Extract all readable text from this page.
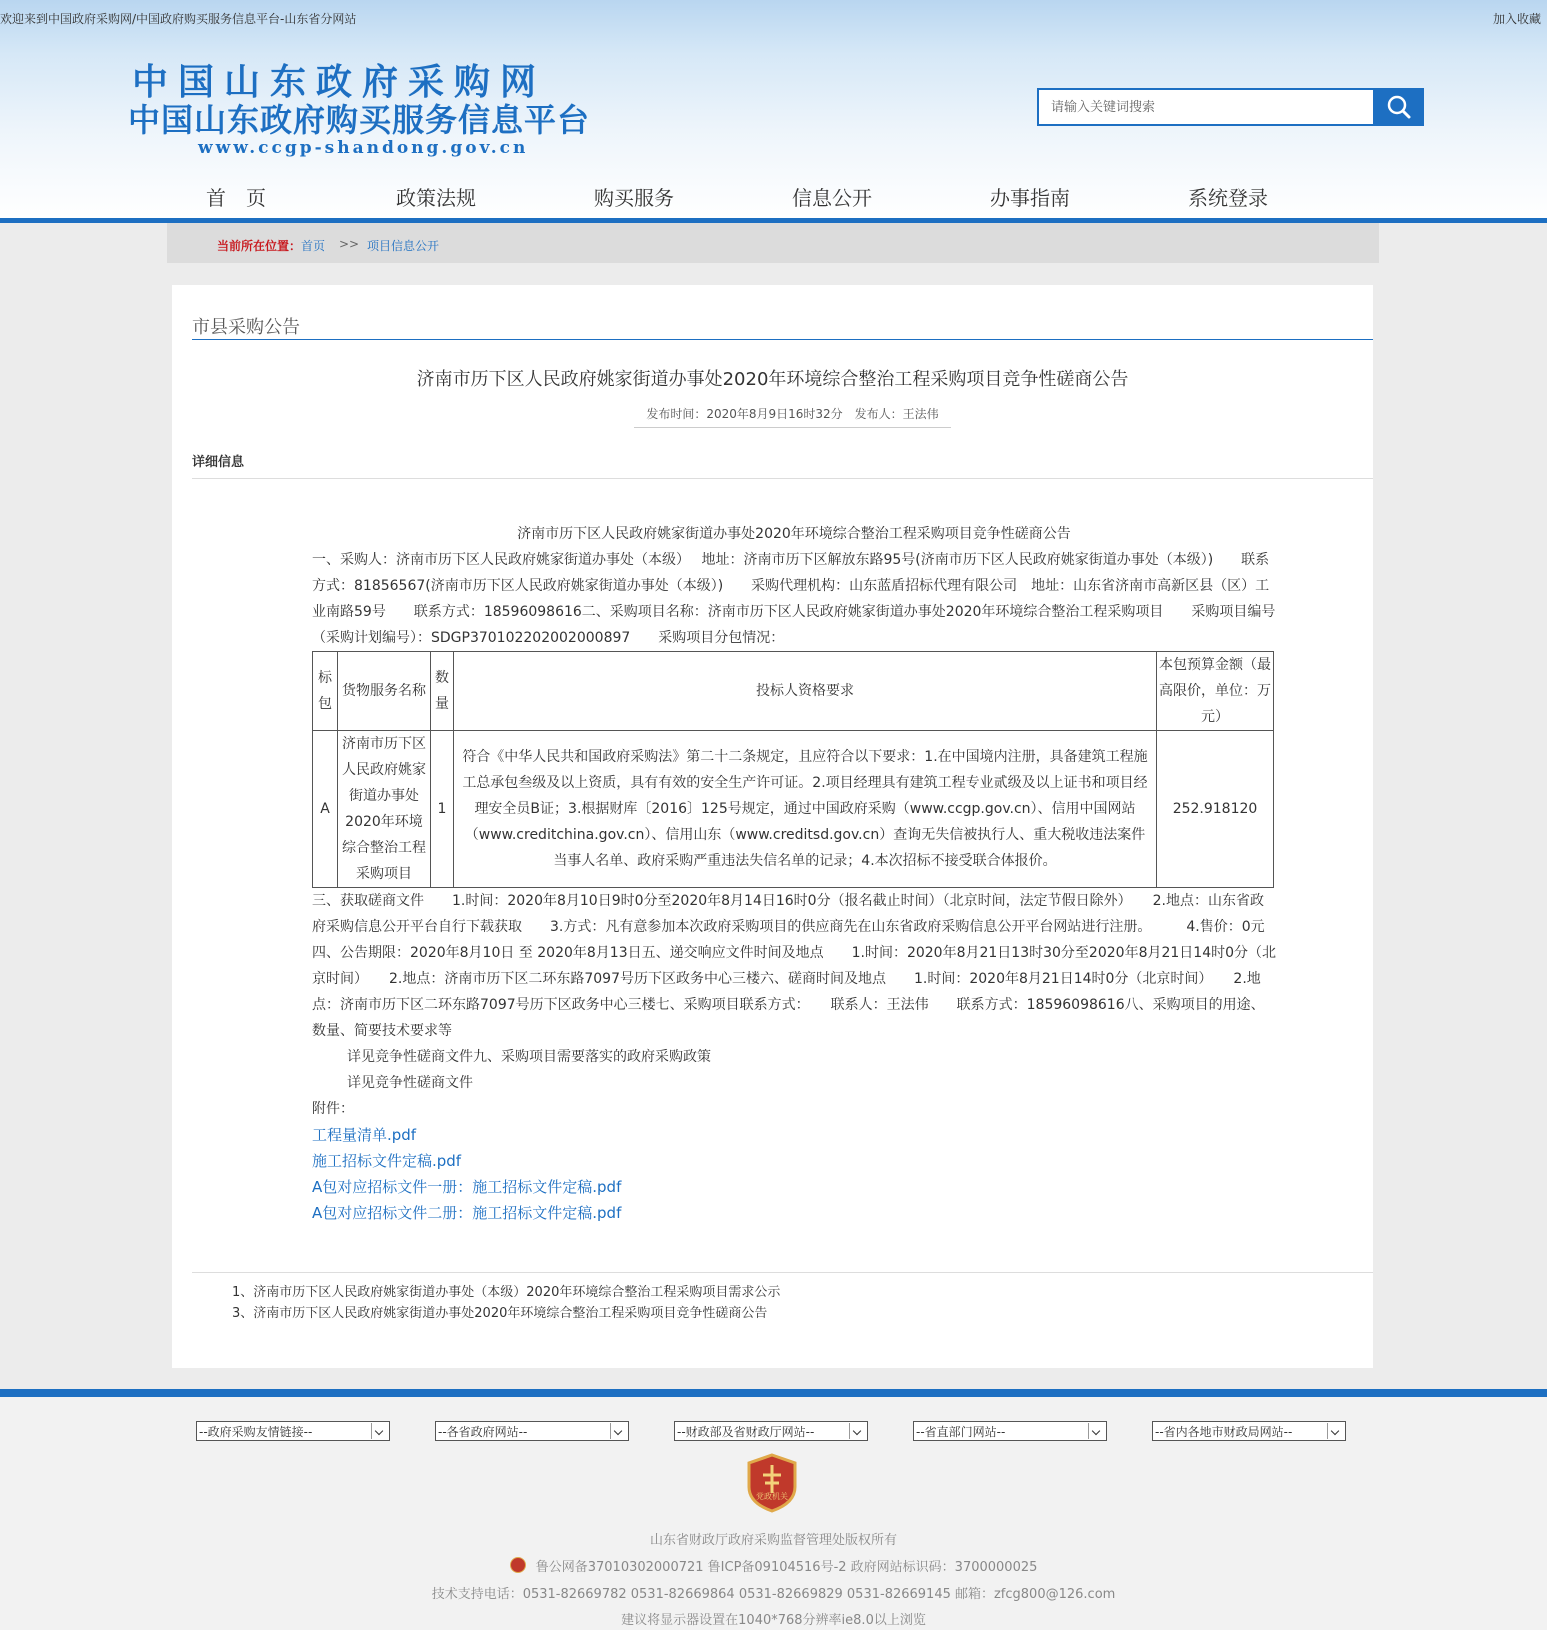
欢迎来到中国政府采购网/中国政府购买服务信息平台-山东省分网站	加入收藏
中国山东政府采购网
中国山东政府购买服务信息平台
www.ccgp-shandong.gov.cn
请输入关键词搜索
首　页	政策法规	购买服务	信息公开	办事指南	系统登录
当前所在位置： 首页 >> 项目信息公开
市县采购公告
济南市历下区人民政府姚家街道办事处2020年环境综合整治工程采购项目竞争性磋商公告
发布时间：2020年8月9日16时32分　发布人：王法伟
详细信息
济南市历下区人民政府姚家街道办事处2020年环境综合整治工程采购项目竞争性磋商公告

一、采购人：济南市历下区人民政府姚家街道办事处（本级）　 地址：济南市历下区解放东路95号(济南市历下区人民政府姚家街道办事处（本级）)　　联系方式：81856567(济南市历下区人民政府姚家街道办事处（本级）)　　采购代理机构：山东蓝盾招标代理有限公司　地址：山东省济南市高新区县（区）工业南路59号　　联系方式：18596098616二、采购项目名称：济南市历下区人民政府姚家街道办事处2020年环境综合整治工程采购项目　　采购项目编号（采购计划编号）：SDGP370102202002000897　　采购项目分包情况：

标包	货物服务名称	数量	投标人资格要求	本包预算金额（最高限价，单位：万元）
A	济南市历下区人民政府姚家街道办事处2020年环境综合整治工程采购项目	1	符合《中华人民共和国政府采购法》第二十二条规定，且应符合以下要求：1.在中国境内注册，具备建筑工程施工总承包叁级及以上资质，具有有效的安全生产许可证。2.项目经理具有建筑工程专业贰级及以上证书和项目经理安全员B证；3.根据财库〔2016〕125号规定，通过中国政府采购（www.ccgp.gov.cn）、信用中国网站（www.creditchina.gov.cn）、信用山东（www.creditsd.gov.cn）查询无失信被执行人、重大税收违法案件当事人名单、政府采购严重违法失信名单的记录；4.本次招标不接受联合体报价。	252.918120

三、获取磋商文件　　1.时间：2020年8月10日9时0分至2020年8月14日16时0分（报名截止时间）（北京时间，法定节假日除外）　　2.地点：山东省政府采购信息公开平台自行下载获取　　3.方式：凡有意参加本次政府采购项目的供应商先在山东省政府采购信息公开平台网站进行注册。　　　4.售价：0元四、公告期限：2020年8月10日 至 2020年8月13日五、递交响应文件时间及地点　　1.时间：2020年8月21日13时30分至2020年8月21日14时0分（北京时间）　　2.地点：济南市历下区二环东路7097号历下区政务中心三楼六、磋商时间及地点　　1.时间：2020年8月21日14时0分（北京时间）　　2.地点：济南市历下区二环东路7097号历下区政务中心三楼七、采购项目联系方式：　　联系人：王法伟　　联系方式：18596098616八、采购项目的用途、数量、简要技术要求等

详见竞争性磋商文件九、采购项目需要落实的政府采购政策

详见竞争性磋商文件

附件：

工程量清单.pdf
施工招标文件定稿.pdf
A包对应招标文件一册：施工招标文件定稿.pdf
A包对应招标文件二册：施工招标文件定稿.pdf
1、济南市历下区人民政府姚家街道办事处（本级）2020年环境综合整治工程采购项目需求公示
3、济南市历下区人民政府姚家街道办事处2020年环境综合整治工程采购项目竞争性磋商公告
--政府采购友情链接--	--各省政府网站--	--财政部及省财政厅网站--	--省直部门网站--	--省内各地市财政局网站--
党政机关
山东省财政厅政府采购监督管理处版权所有
鲁公网备37010302000721 鲁ICP备09104516号-2 政府网站标识码：3700000025
技术支持电话：0531-82669782 0531-82669864 0531-82669829 0531-82669145 邮箱：zfcg800@126.com
建议将显示器设置在1040*768分辨率ie8.0以上浏览
